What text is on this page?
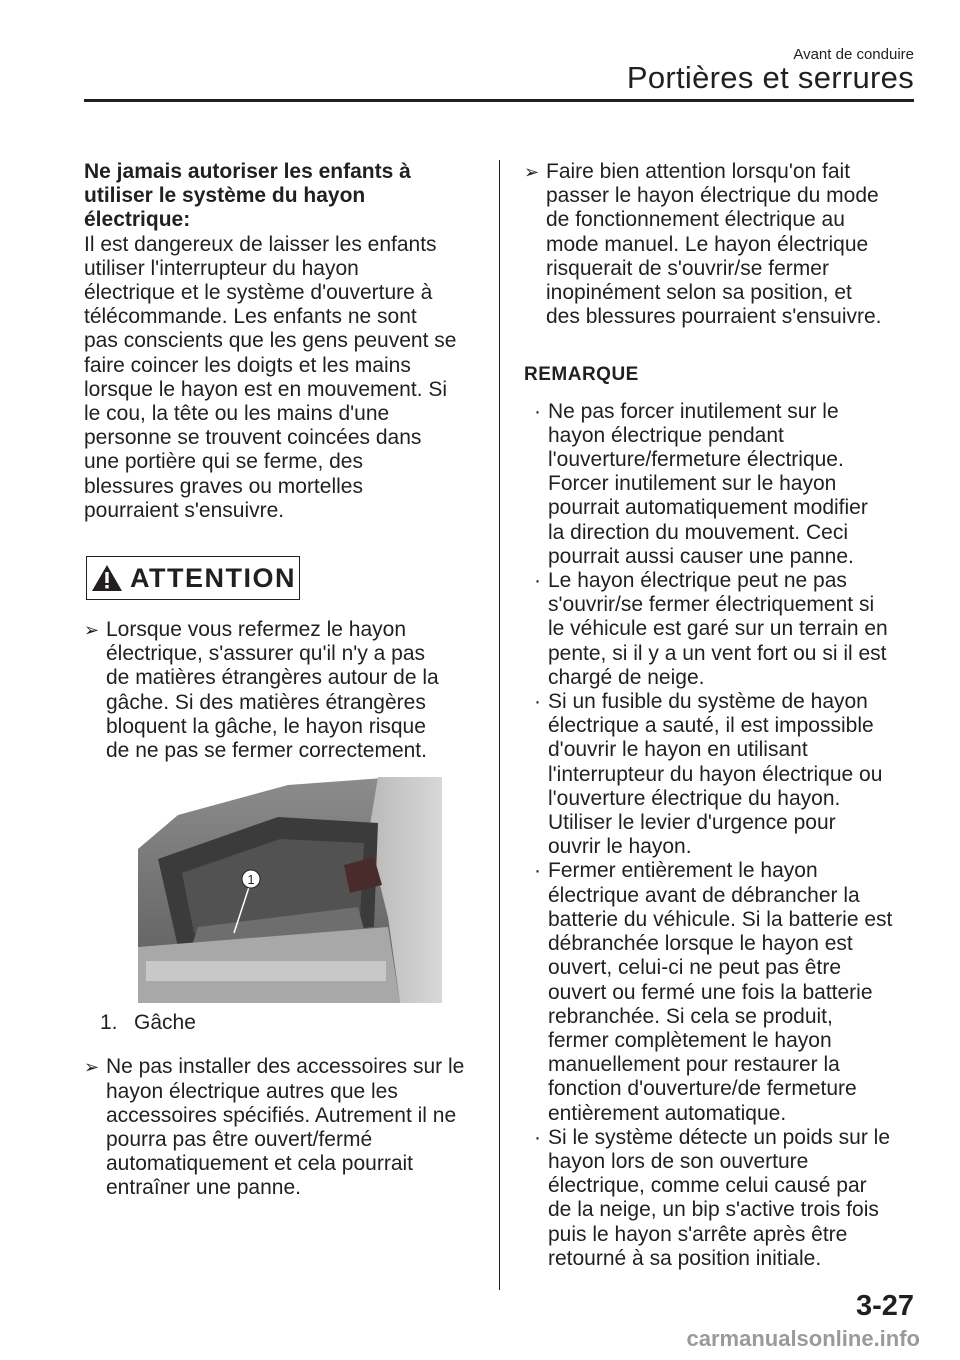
Avant de conduire
Portières et serrures
Ne jamais autoriser les enfants à
utiliser le système du hayon
électrique:
Il est dangereux de laisser les enfants
utiliser l'interrupteur du hayon
électrique et le système d'ouverture à
télécommande. Les enfants ne sont
pas conscients que les gens peuvent se
faire coincer les doigts et les mains
lorsque le hayon est en mouvement. Si
le cou, la tête ou les mains d'une
personne se trouvent coincées dans
une portière qui se ferme, des
blessures graves ou mortelles
pourraient s'ensuivre.
ATTENTION
➢ Lorsque vous refermez le hayon
électrique, s'assurer qu'il n'y a pas
de matières étrangères autour de la
gâche. Si des matières étrangères
bloquent la gâche, le hayon risque
de ne pas se fermer correctement.
1
1. Gâche
➢ Ne pas installer des accessoires sur le
hayon électrique autres que les
accessoires spécifiés. Autrement il ne
pourra pas être ouvert/fermé
automatiquement et cela pourrait
entraîner une panne.
➢ Faire bien attention lorsqu'on fait
passer le hayon électrique du mode
de fonctionnement électrique au
mode manuel. Le hayon électrique
risquerait de s'ouvrir/se fermer
inopinément selon sa position, et
des blessures pourraient s'ensuivre.
REMARQUE
· Ne pas forcer inutilement sur le
hayon électrique pendant
l'ouverture/fermeture électrique.
Forcer inutilement sur le hayon
pourrait automatiquement modifier
la direction du mouvement. Ceci
pourrait aussi causer une panne.
· Le hayon électrique peut ne pas
s'ouvrir/se fermer électriquement si
le véhicule est garé sur un terrain en
pente, si il y a un vent fort ou si il est
chargé de neige.
· Si un fusible du système de hayon
électrique a sauté, il est impossible
d'ouvrir le hayon en utilisant
l'interrupteur du hayon électrique ou
l'ouverture électrique du hayon.
Utiliser le levier d'urgence pour
ouvrir le hayon.
· Fermer entièrement le hayon
électrique avant de débrancher la
batterie du véhicule. Si la batterie est
débranchée lorsque le hayon est
ouvert, celui-ci ne peut pas être
ouvert ou fermé une fois la batterie
rebranchée. Si cela se produit,
fermer complètement le hayon
manuellement pour restaurer la
fonction d'ouverture/de fermeture
entièrement automatique.
· Si le système détecte un poids sur le
hayon lors de son ouverture
électrique, comme celui causé par
de la neige, un bip s'active trois fois
puis le hayon s'arrête après être
retourné à sa position initiale.
3-27
carmanualsonline.info
